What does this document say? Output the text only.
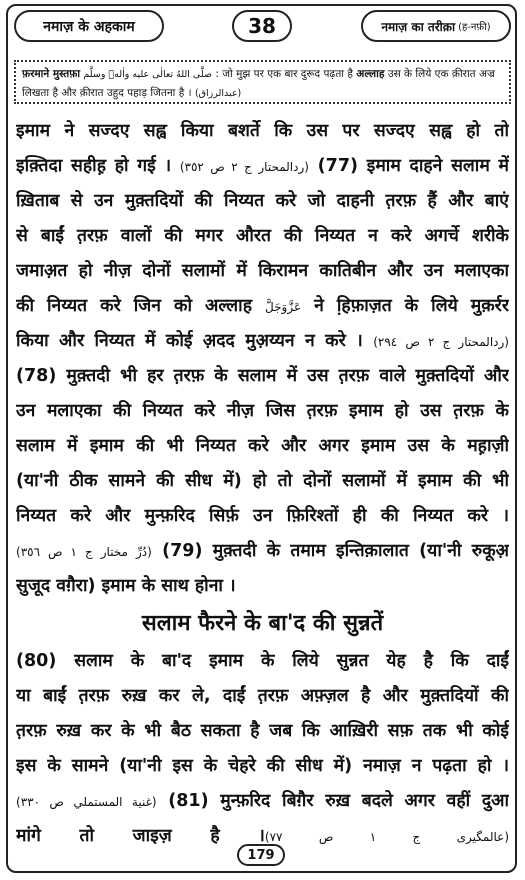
नमाज़ के अहकाम	38	नमाज़ का तरीक़ा (ह-नफ़ी)
फ़रमाने मुस्तफ़ा صلَّى اللهُ تعالٰى عليه واٰلهٖ وسلَّم : जो मुझ पर एक बार दुरूद पढ़ता है अल्लाह उस के लिये एक क़ीरात अज्र लिखता है और क़ीरात उहुद पहाड़ जितना है । (عبدالرزاق)
इमाम ने सज्दए सह्व किया बशर्ते कि उस पर सज्दए सह्व हो तो
इक़्तिदा सहीह़ हो गई । (ردالمحتار ج ٢ ص ٣٥٢) (77) इमाम दाहने सलाम में
ख़िताब से उन मुक़्तदियों की निय्यत करे जो दाहनी त़रफ़ हैं और बाएं
से बाईं त़रफ़ वालों की मगर औरत की निय्यत न करे अगर्चे शरीके
जमाअ़त हो नीज़ दोनों सलामों में किरामन कातिबीन और उन मलाएका
की निय्यत करे जिन को अल्लाह عَزَّوَجَلَّ ने हि़फ़ाज़त के लिये मुक़र्रर
किया और निय्यत में कोई अ़दद मुअ़य्यन न करे । (ردالمحتار ج ٢ ص ٢٩٤)
(78) मुक़्तदी भी हर त़रफ़ के सलाम में उस त़रफ़ वाले मुक़्तदियों और
उन मलाएका की निय्यत करे नीज़ जिस त़रफ़ इमाम हो उस त़रफ़ के
सलाम में इमाम की भी निय्यत करे और अगर इमाम उस के मह़ाज़ी
(या'नी ठीक सामने की सीध में) हो तो दोनों सलामों में इमाम की भी
निय्यत करे और मुन्फ़रिद सिर्फ़ उन फ़िरिश्तों ही की निय्यत करे ।
(دُرِّ مختار ج ١ ص ٣٥٦) (79) मुक़्तदी के तमाम इन्तिक़ालात (या'नी रुकूअ़
सुजूद वग़ैरा) इमाम के साथ होना ।
सलाम फैरने के बा'द की सुन्नतें
(80) सलाम के बा'द इमाम के लिये सुन्नत येह है कि दाईं
या बाईं त़रफ़ रुख़ कर ले, दाईं त़रफ़ अफ़्ज़ल है और मुक़्तदियों की
त़रफ़ रुख़ कर के भी बैठ सकता है जब कि आख़िरी सफ़ तक भी कोई
इस के सामने (या'नी इस के चेहरे की सीध में) नमाज़ न पढ़ता हो ।
(غنية المستملي ص ٣٣٠) (81) मुन्फ़रिद बिग़ैर रुख़ बदले अगर वहीं दुआ
मांगे तो जाइज़ है ।(عالمگیری ج ١ ص ٧٧)
179
